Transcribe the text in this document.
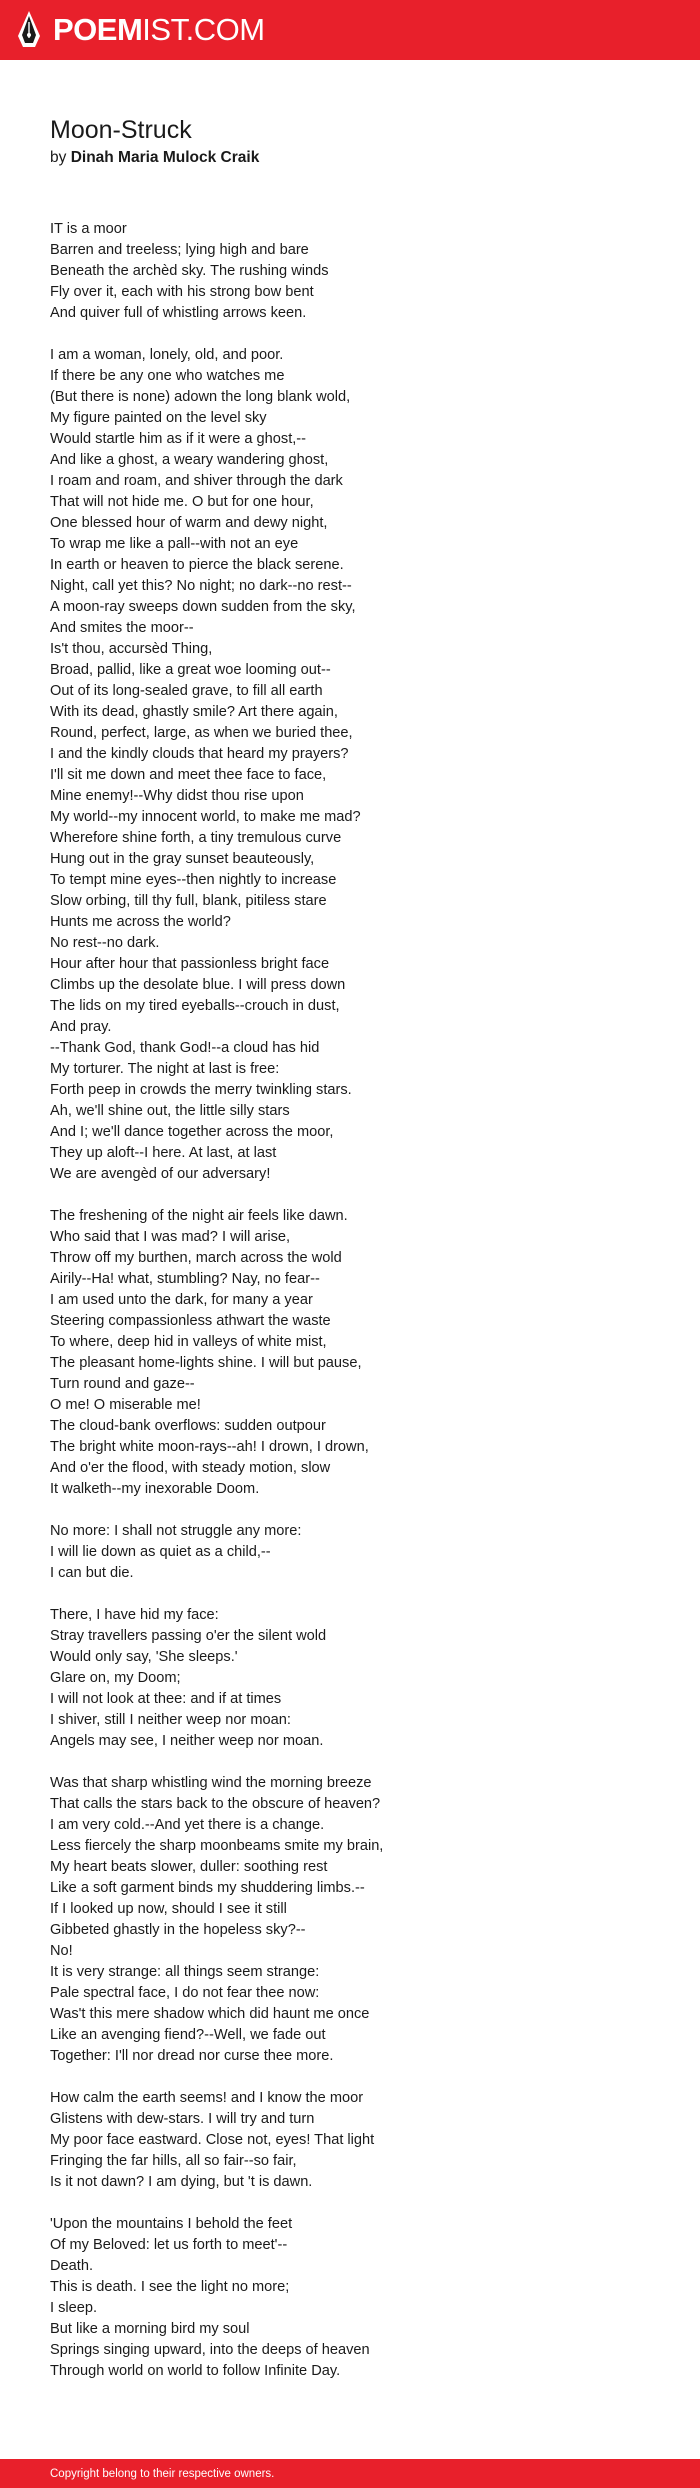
POEMIST.COM
Moon-Struck
by Dinah Maria Mulock Craik
IT is a moor
Barren and treeless; lying high and bare
Beneath the archèd sky. The rushing winds
Fly over it, each with his strong bow bent
And quiver full of whistling arrows keen.
I am a woman, lonely, old, and poor.
If there be any one who watches me
(But there is none) adown the long blank wold,
My figure painted on the level sky
Would startle him as if it were a ghost,--
And like a ghost, a weary wandering ghost,
I roam and roam, and shiver through the dark
That will not hide me. O but for one hour,
One blessed hour of warm and dewy night,
To wrap me like a pall--with not an eye
In earth or heaven to pierce the black serene.
Night, call yet this? No night; no dark--no rest--
A moon-ray sweeps down sudden from the sky,
And smites the moor--
Is't thou, accursèd Thing,
Broad, pallid, like a great woe looming out--
Out of its long-sealed grave, to fill all earth
With its dead, ghastly smile? Art there again,
Round, perfect, large, as when we buried thee,
I and the kindly clouds that heard my prayers?
I'll sit me down and meet thee face to face,
Mine enemy!--Why didst thou rise upon
My world--my innocent world, to make me mad?
Wherefore shine forth, a tiny tremulous curve
Hung out in the gray sunset beauteously,
To tempt mine eyes--then nightly to increase
Slow orbing, till thy full, blank, pitiless stare
Hunts me across the world?
No rest--no dark.
Hour after hour that passionless bright face
Climbs up the desolate blue. I will press down
The lids on my tired eyeballs--crouch in dust,
And pray.
--Thank God, thank God!--a cloud has hid
My torturer. The night at last is free:
Forth peep in crowds the merry twinkling stars.
Ah, we'll shine out, the little silly stars
And I; we'll dance together across the moor,
They up aloft--I here. At last, at last
We are avengèd of our adversary!
The freshening of the night air feels like dawn.
Who said that I was mad? I will arise,
Throw off my burthen, march across the wold
Airily--Ha! what, stumbling? Nay, no fear--
I am used unto the dark, for many a year
Steering compassionless athwart the waste
To where, deep hid in valleys of white mist,
The pleasant home-lights shine. I will but pause,
Turn round and gaze--
O me! O miserable me!
The cloud-bank overflows: sudden outpour
The bright white moon-rays--ah! I drown, I drown,
And o'er the flood, with steady motion, slow
It walketh--my inexorable Doom.
No more: I shall not struggle any more:
I will lie down as quiet as a child,--
I can but die.
There, I have hid my face:
Stray travellers passing o'er the silent wold
Would only say, 'She sleeps.'
Glare on, my Doom;
I will not look at thee: and if at times
I shiver, still I neither weep nor moan:
Angels may see, I neither weep nor moan.
Was that sharp whistling wind the morning breeze
That calls the stars back to the obscure of heaven?
I am very cold.--And yet there is a change.
Less fiercely the sharp moonbeams smite my brain,
My heart beats slower, duller: soothing rest
Like a soft garment binds my shuddering limbs.--
If I looked up now, should I see it still
Gibbeted ghastly in the hopeless sky?--
No!
It is very strange: all things seem strange:
Pale spectral face, I do not fear thee now:
Was't this mere shadow which did haunt me once
Like an avenging fiend?--Well, we fade out
Together: I'll nor dread nor curse thee more.
How calm the earth seems! and I know the moor
Glistens with dew-stars. I will try and turn
My poor face eastward. Close not, eyes! That light
Fringing the far hills, all so fair--so fair,
Is it not dawn? I am dying, but 't is dawn.
'Upon the mountains I behold the feet
Of my Beloved: let us forth to meet'--
Death.
This is death. I see the light no more;
I sleep.
But like a morning bird my soul
Springs singing upward, into the deeps of heaven
Through world on world to follow Infinite Day.
Copyright belong to their respective owners.
